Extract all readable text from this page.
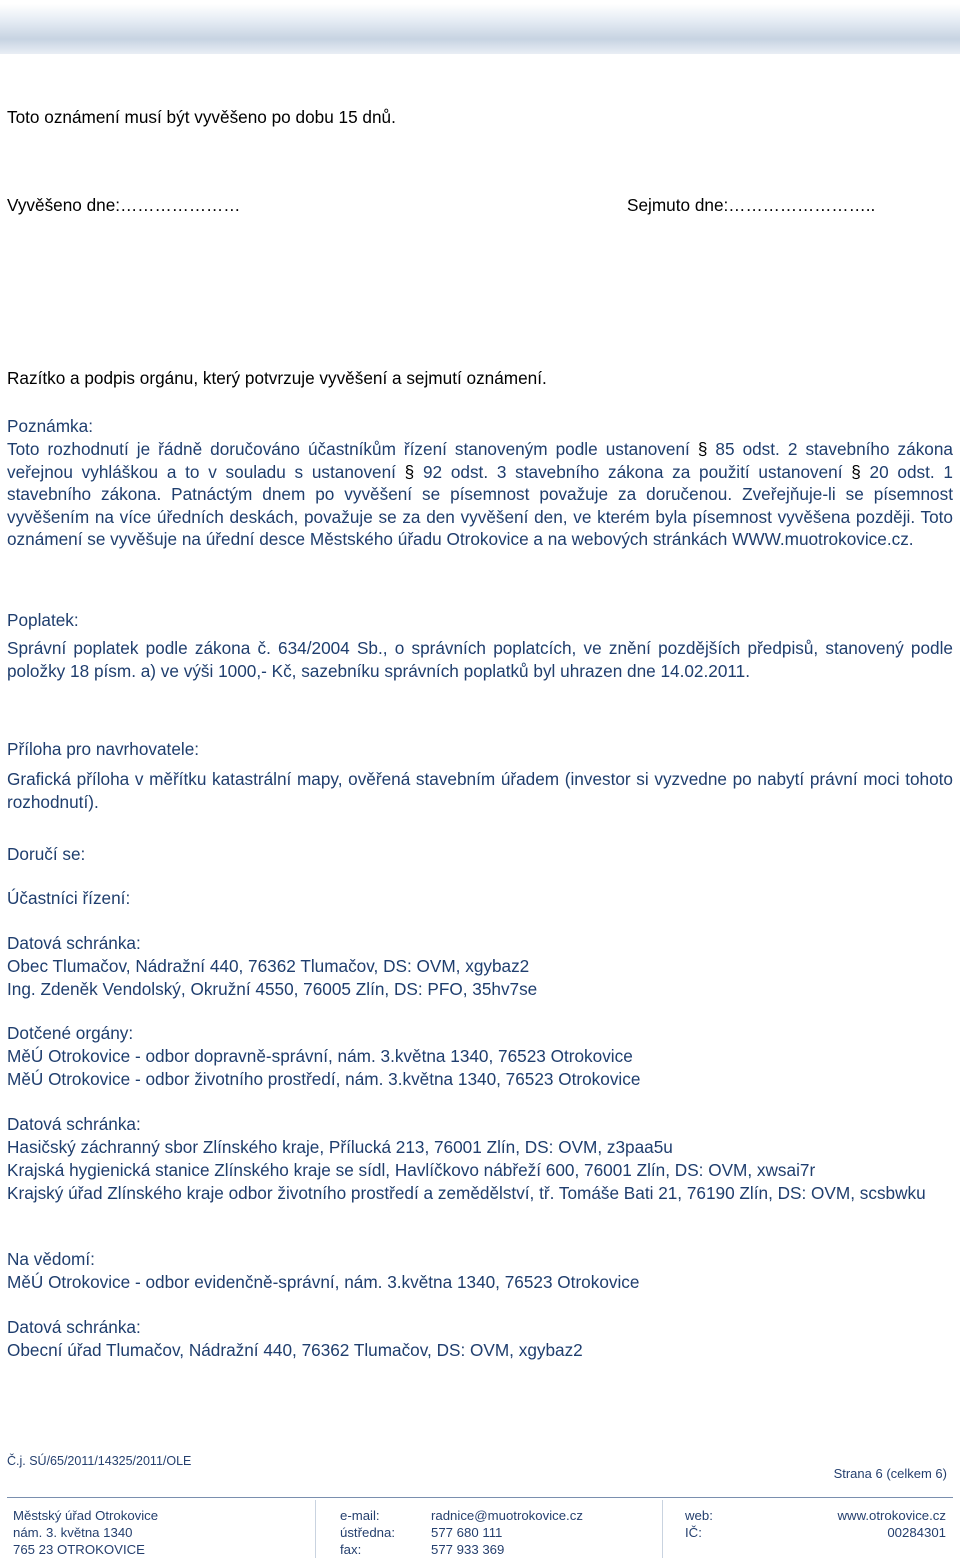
Toto oznámení musí být vyvěšeno po dobu 15 dnů.

Vyvěšeno dne:…………………	Sejmuto dne:……………………..

Razítko a podpis orgánu, který potvrzuje vyvěšení a sejmutí oznámení.

Poznámka:

Toto rozhodnutí je řádně doručováno účastníkům řízení stanoveným podle ustanovení § 85 odst. 2 stavebního zákona veřejnou vyhláškou a to v souladu s ustanovení § 92 odst. 3 stavebního zákona za použití ustanovení § 20 odst. 1 stavebního zákona. Patnáctým dnem po vyvěšení se písemnost považuje za doručenou. Zveřejňuje-li se písemnost vyvěšením na více úředních deskách, považuje se za den vyvěšení den, ve kterém byla písemnost vyvěšena později. Toto oznámení se vyvěšuje na úřední desce Městského úřadu Otrokovice a na webových stránkách WWW.muotrokovice.cz.

Poplatek:

Správní poplatek podle zákona č. 634/2004 Sb., o správních poplatcích, ve znění pozdějších předpisů, stanovený podle položky 18 písm. a) ve výši 1000,- Kč, sazebníku správních poplatků byl uhrazen dne 14.02.2011.

Příloha pro navrhovatele:

Grafická příloha v měřítku katastrální mapy, ověřená stavebním úřadem (investor si vyzvedne po nabytí právní moci tohoto rozhodnutí).

Doručí se:

Účastníci řízení:

Datová schránka:

Obec Tlumačov, Nádražní 440, 76362 Tlumačov, DS: OVM, xgybaz2

Ing. Zdeněk Vendolský, Okružní 4550, 76005 Zlín, DS: PFO, 35hv7se

Dotčené orgány:

MěÚ Otrokovice - odbor dopravně-správní, nám. 3.května 1340, 76523 Otrokovice

MěÚ Otrokovice - odbor životního prostředí, nám. 3.května 1340, 76523 Otrokovice

Datová schránka:

Hasičský záchranný sbor Zlínského kraje, Přílucká 213, 76001 Zlín, DS: OVM, z3paa5u

Krajská hygienická stanice Zlínského kraje se sídl, Havlíčkovo nábřeží 600, 76001 Zlín, DS: OVM, xwsai7r

Krajský úřad Zlínského kraje odbor životního prostředí a zemědělství, tř. Tomáše Bati 21, 76190 Zlín, DS: OVM, scsbwku

Na vědomí:

MěÚ Otrokovice - odbor evidenčně-správní, nám. 3.května 1340, 76523 Otrokovice

Datová schránka:

Obecní úřad Tlumačov, Nádražní 440, 76362 Tlumačov, DS: OVM, xgybaz2

Č.j. SÚ/65/2011/14325/2011/OLE
Strana 6 (celkem 6)
Městský úřad Otrokovice
nám. 3. května 1340
765 23 OTROKOVICE
e-mail:
ústředna:
fax:
radnice@muotrokovice.cz
577 680 111
577 933 369
web:
IČ:
www.otrokovice.cz
00284301
